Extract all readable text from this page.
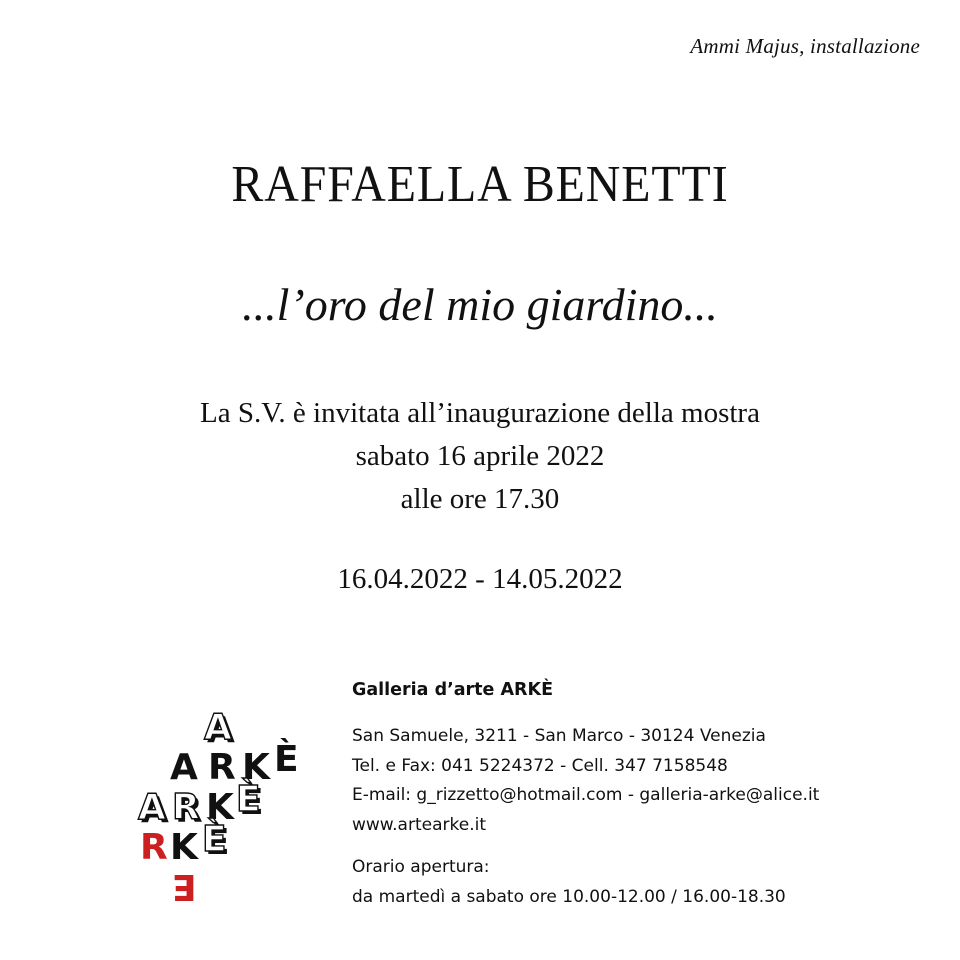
Ammi Majus, installazione
RAFFAELLA BENETTI
...l’oro del mio giardino...
La S.V. è invitata all’inaugurazione della mostra
sabato 16 aprile 2022
alle ore 17.30
16.04.2022 - 14.05.2022
A
A R K È
A R K È
R K È
E
Galleria d’arte ARKÈ
San Samuele, 3211 - San Marco - 30124 Venezia
Tel. e Fax: 041 5224372 - Cell. 347 7158548
E-mail: g_rizzetto@hotmail.com - galleria-arke@alice.it
www.artearke.it
Orario apertura:
da martedì a sabato ore 10.00-12.00 / 16.00-18.30
